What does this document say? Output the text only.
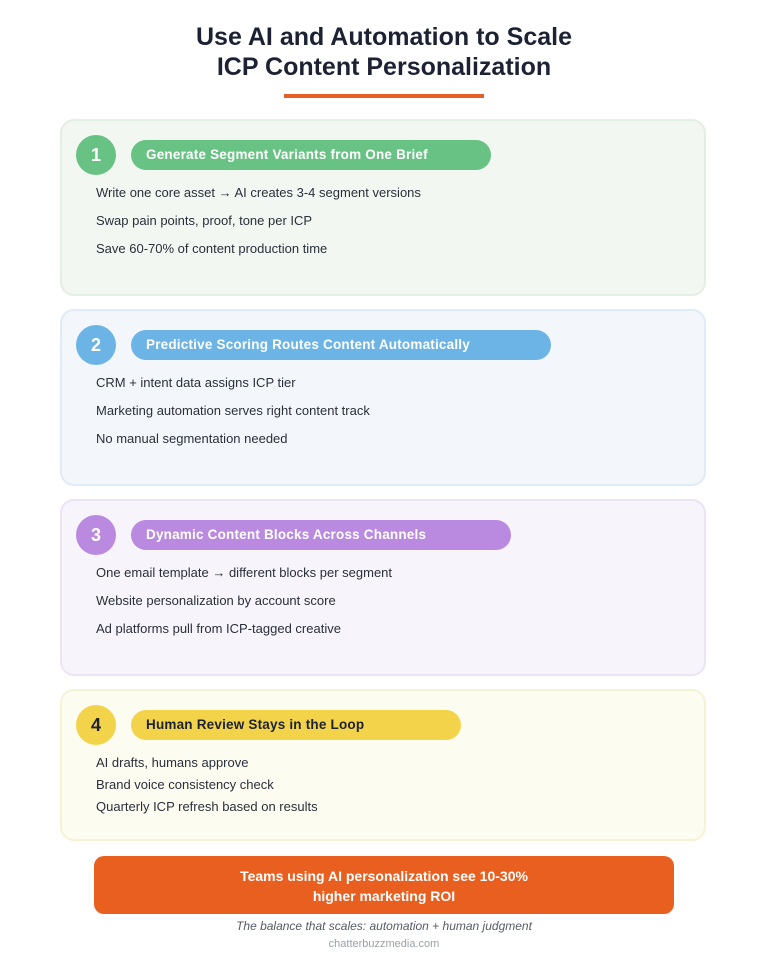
Use AI and Automation to Scale
ICP Content Personalization
1	Generate Segment Variants from One Brief
Write one core asset → AI creates 3-4 segment versions
Swap pain points, proof, tone per ICP
Save 60-70% of content production time
2	Predictive Scoring Routes Content Automatically
CRM + intent data assigns ICP tier
Marketing automation serves right content track
No manual segmentation needed
3	Dynamic Content Blocks Across Channels
One email template → different blocks per segment
Website personalization by account score
Ad platforms pull from ICP-tagged creative
4	Human Review Stays in the Loop
AI drafts, humans approve
Brand voice consistency check
Quarterly ICP refresh based on results
Teams using AI personalization see 10-30%
higher marketing ROI
The balance that scales: automation + human judgment
chatterbuzzmedia.com
